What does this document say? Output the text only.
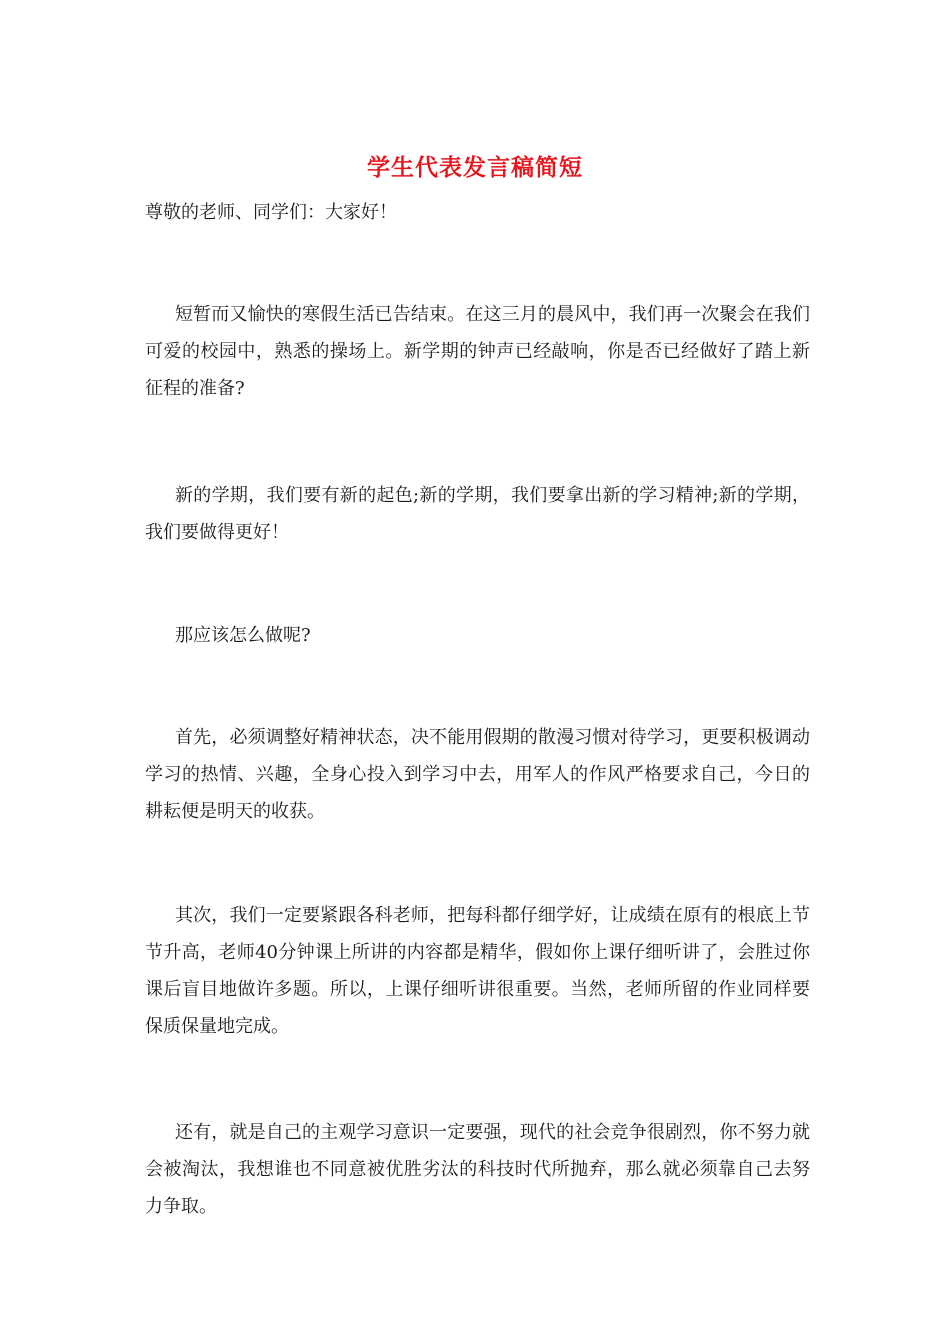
学生代表发言稿简短
尊敬的老师、同学们：大家好！

短暂而又愉快的寒假生活已告结束。在这三月的晨风中，我们再一次聚会在我们可爱的校园中，熟悉的操场上。新学期的钟声已经敲响，你是否已经做好了踏上新征程的准备?

新的学期，我们要有新的起色;新的学期，我们要拿出新的学习精神;新的学期，我们要做得更好！

那应该怎么做呢?

首先，必须调整好精神状态，决不能用假期的散漫习惯对待学习，更要积极调动学习的热情、兴趣，全身心投入到学习中去，用军人的作风严格要求自己，今日的耕耘便是明天的收获。

其次，我们一定要紧跟各科老师，把每科都仔细学好，让成绩在原有的根底上节节升高，老师40分钟课上所讲的内容都是精华，假如你上课仔细听讲了，会胜过你课后盲目地做许多题。所以，上课仔细听讲很重要。当然，老师所留的作业同样要保质保量地完成。

还有，就是自己的主观学习意识一定要强，现代的社会竞争很剧烈，你不努力就会被淘汰，我想谁也不同意被优胜劣汰的科技时代所抛弃，那么就必须靠自己去努力争取。
